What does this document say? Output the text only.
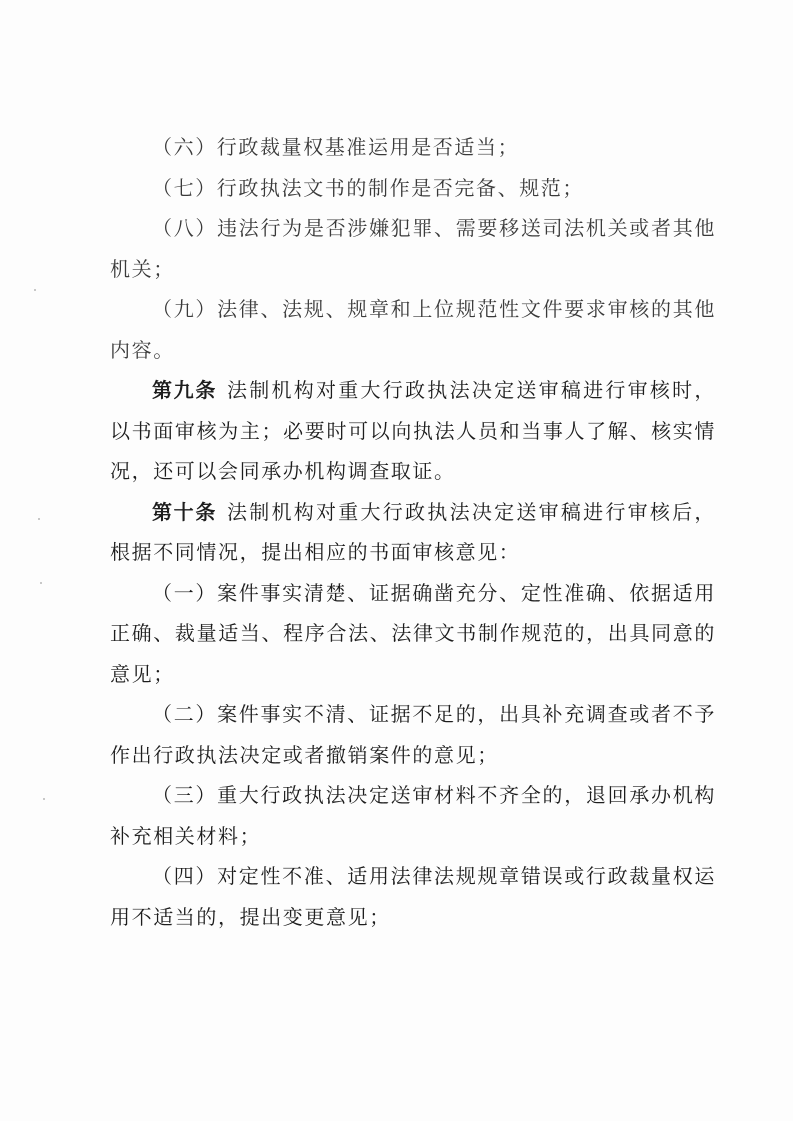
（六）行政裁量权基准运用是否适当；

（七）行政执法文书的制作是否完备、规范；

（八）违法行为是否涉嫌犯罪、需要移送司法机关或者其他机关；

（九）法律、法规、规章和上位规范性文件要求审核的其他内容。

第九条 法制机构对重大行政执法决定送审稿进行审核时，以书面审核为主；必要时可以向执法人员和当事人了解、核实情况，还可以会同承办机构调查取证。

第十条 法制机构对重大行政执法决定送审稿进行审核后，根据不同情况，提出相应的书面审核意见：

（一）案件事实清楚、证据确凿充分、定性准确、依据适用正确、裁量适当、程序合法、法律文书制作规范的，出具同意的意见；

（二）案件事实不清、证据不足的，出具补充调查或者不予作出行政执法决定或者撤销案件的意见；

（三）重大行政执法决定送审材料不齐全的，退回承办机构补充相关材料；

（四）对定性不准、适用法律法规规章错误或行政裁量权运用不适当的，提出变更意见；
